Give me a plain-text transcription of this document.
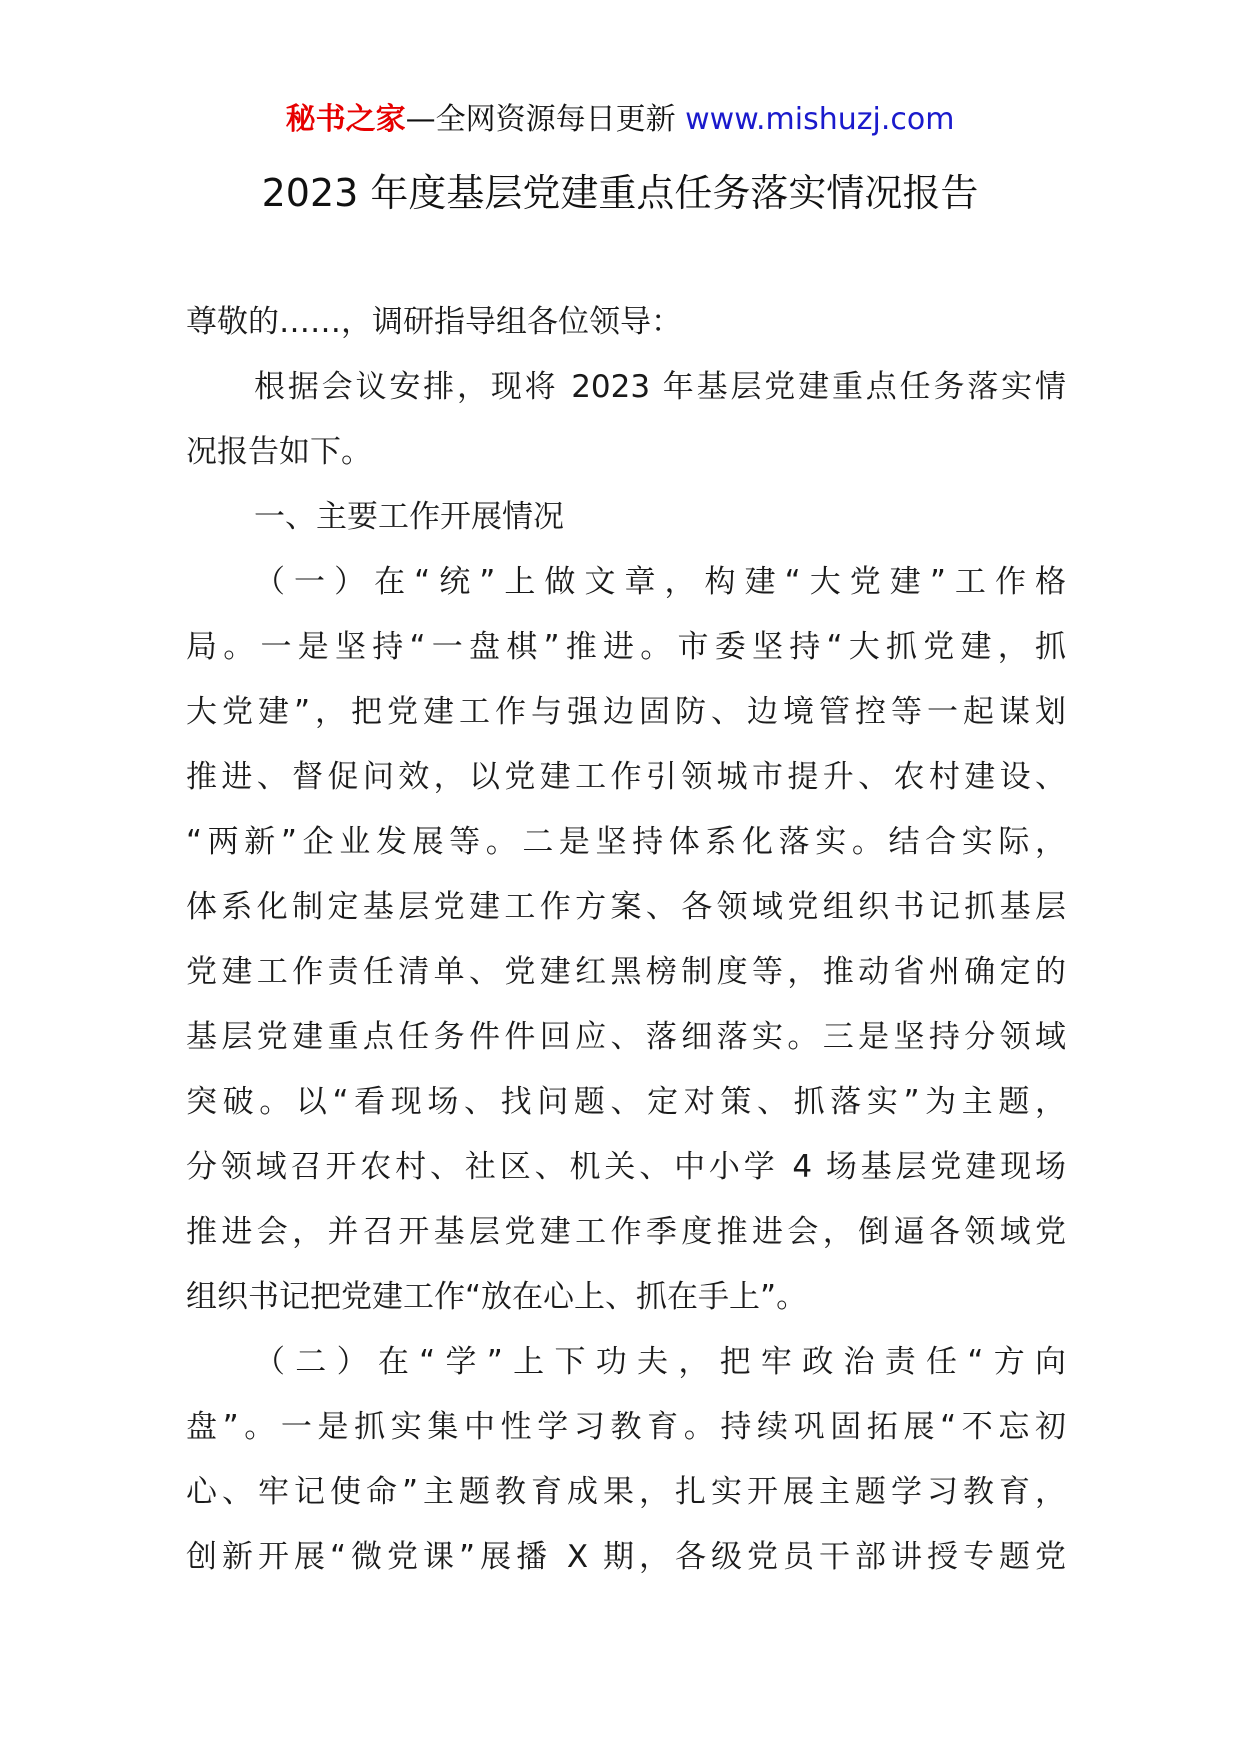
秘书之家—全网资源每日更新 www.mishuzj.com
2023 年度基层党建重点任务落实情况报告
尊敬的……，调研指导组各位领导：
根据会议安排，现将 2023 年基层党建重点任务落实情
况报告如下。
一、主要工作开展情况
（一）在“统”上做文章，构建“大党建”工作格
局。一是坚持“一盘棋”推进。市委坚持“大抓党建，抓
大党建”，把党建工作与强边固防、边境管控等一起谋划
推进、督促问效，以党建工作引领城市提升、农村建设、
“两新”企业发展等。二是坚持体系化落实。结合实际，
体系化制定基层党建工作方案、各领域党组织书记抓基层
党建工作责任清单、党建红黑榜制度等，推动省州确定的
基层党建重点任务件件回应、落细落实。三是坚持分领域
突破。以“看现场、找问题、定对策、抓落实”为主题，
分领域召开农村、社区、机关、中小学 4 场基层党建现场
推进会，并召开基层党建工作季度推进会，倒逼各领域党
组织书记把党建工作“放在心上、抓在手上”。
（二）在“学”上下功夫，把牢政治责任“方向
盘”。一是抓实集中性学习教育。持续巩固拓展“不忘初
心、牢记使命”主题教育成果，扎实开展主题学习教育，
创新开展“微党课”展播 X 期，各级党员干部讲授专题党
